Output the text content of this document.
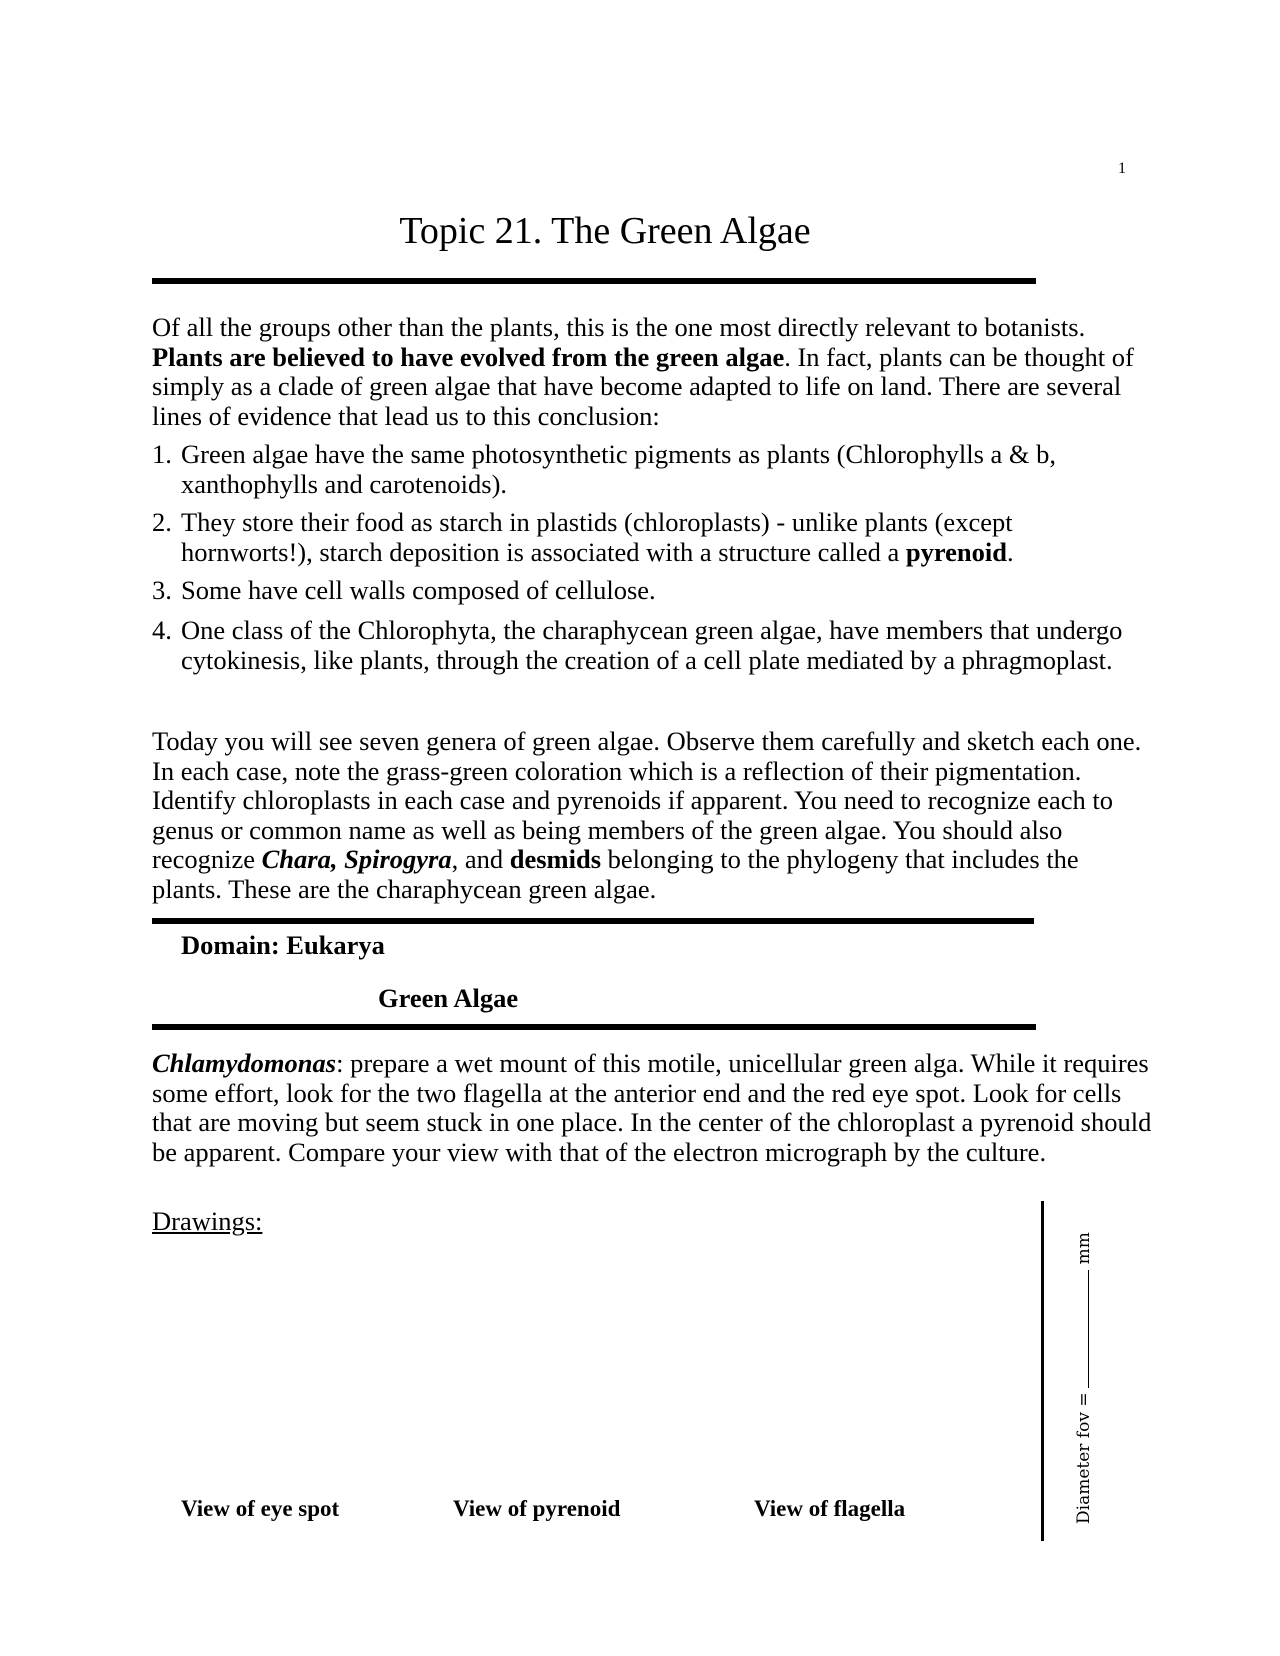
1
Topic 21. The Green Algae
Of all the groups other than the plants, this is the one most directly relevant to botanists. Plants are believed to have evolved from the green algae. In fact, plants can be thought of simply as a clade of green algae that have become adapted to life on land. There are several lines of evidence that lead us to this conclusion:
1. Green algae have the same photosynthetic pigments as plants (Chlorophylls a & b, xanthophylls and carotenoids).
2. They store their food as starch in plastids (chloroplasts) - unlike plants (except hornworts!), starch deposition is associated with a structure called a pyrenoid.
3. Some have cell walls composed of cellulose.
4. One class of the Chlorophyta, the charaphycean green algae, have members that undergo cytokinesis, like plants, through the creation of a cell plate mediated by a phragmoplast.
Today you will see seven genera of green algae. Observe them carefully and sketch each one. In each case, note the grass-green coloration which is a reflection of their pigmentation. Identify chloroplasts in each case and pyrenoids if apparent. You need to recognize each to genus or common name as well as being members of the green algae. You should also recognize Chara, Spirogyra, and desmids belonging to the phylogeny that includes the plants. These are the charaphycean green algae.
Domain: Eukarya
Green Algae
Chlamydomonas: prepare a wet mount of this motile, unicellular green alga. While it requires some effort, look for the two flagella at the anterior end and the red eye spot. Look for cells that are moving but seem stuck in one place. In the center of the chloroplast a pyrenoid should be apparent. Compare your view with that of the electron micrograph by the culture.
Drawings:
View of eye spot	View of pyrenoid	View of flagella	Diameter fov =mm
